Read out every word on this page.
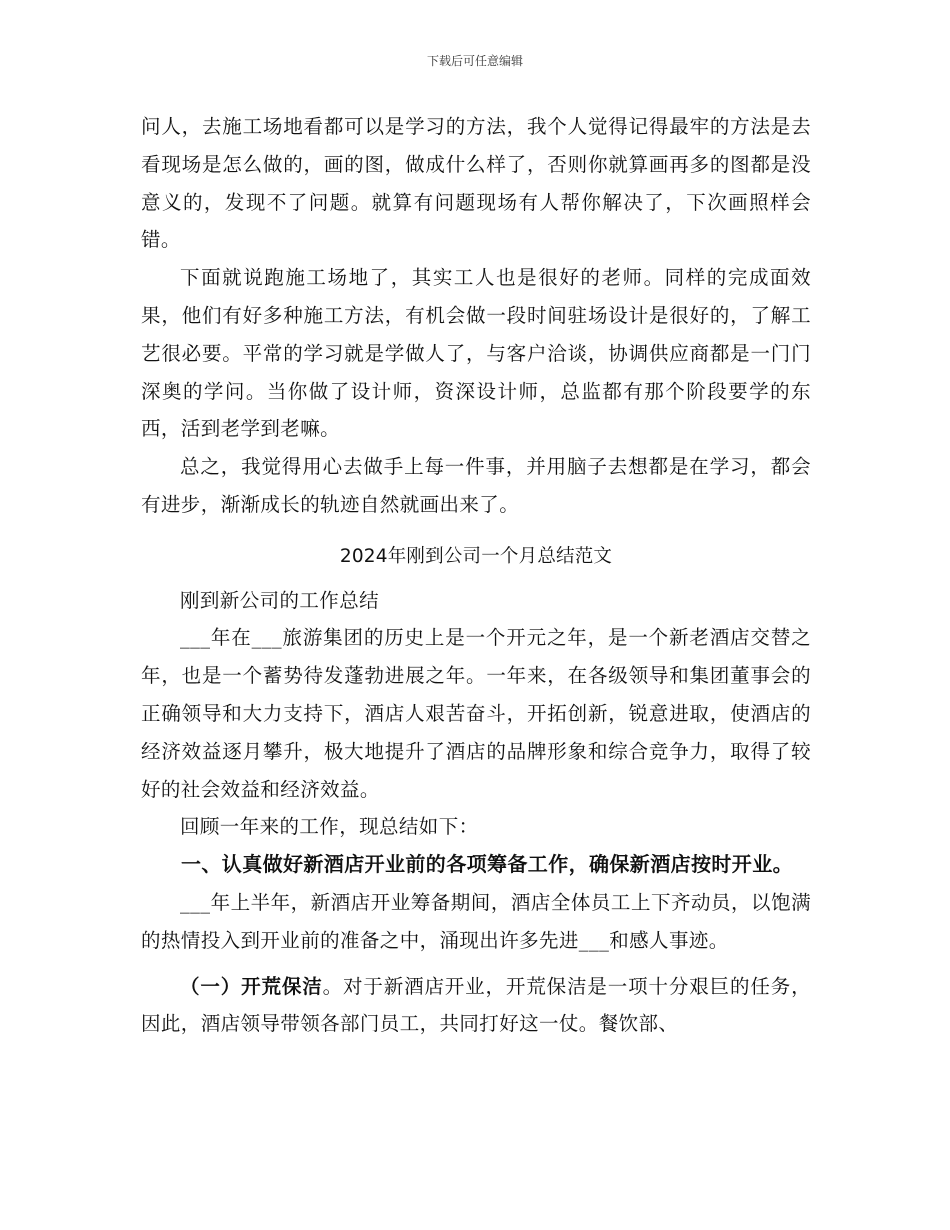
下载后可任意编辑

问人，去施工场地看都可以是学习的方法，我个人觉得记得最牢的方法是去看现场是怎么做的，画的图，做成什么样了，否则你就算画再多的图都是没意义的，发现不了问题。就算有问题现场有人帮你解决了，下次画照样会错。

下面就说跑施工场地了，其实工人也是很好的老师。同样的完成面效果，他们有好多种施工方法，有机会做一段时间驻场设计是很好的，了解工艺很必要。平常的学习就是学做人了，与客户洽谈，协调供应商都是一门门深奥的学问。当你做了设计师，资深设计师，总监都有那个阶段要学的东西，活到老学到老嘛。

总之，我觉得用心去做手上每一件事，并用脑子去想都是在学习，都会有进步，渐渐成长的轨迹自然就画出来了。

2024年刚到公司一个月总结范文

刚到新公司的工作总结

___年在___旅游集团的历史上是一个开元之年，是一个新老酒店交替之年，也是一个蓄势待发蓬勃进展之年。一年来，在各级领导和集团董事会的正确领导和大力支持下，酒店人艰苦奋斗，开拓创新，锐意进取，使酒店的经济效益逐月攀升，极大地提升了酒店的品牌形象和综合竞争力，取得了较好的社会效益和经济效益。

回顾一年来的工作，现总结如下：

一、认真做好新酒店开业前的各项筹备工作，确保新酒店按时开业。

___年上半年，新酒店开业筹备期间，酒店全体员工上下齐动员，以饱满的热情投入到开业前的准备之中，涌现出许多先进___和感人事迹。

（一）开荒保洁。对于新酒店开业，开荒保洁是一项十分艰巨的任务，因此，酒店领导带领各部门员工，共同打好这一仗。餐饮部、
